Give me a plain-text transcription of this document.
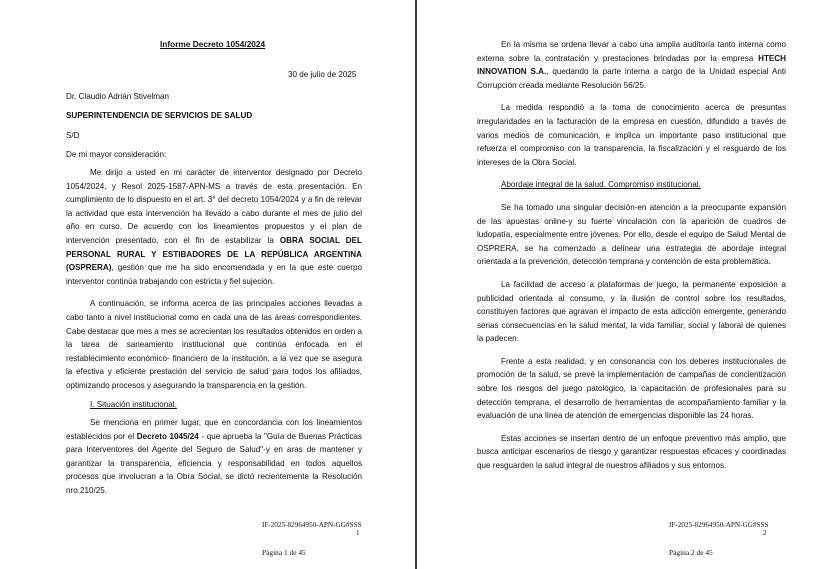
Informe Decreto 1054/2024
30 de julio de 2025
Dr. Claudio Adrián Stivelman
SUPERINTENDENCIA DE SERVICIOS DE SALUD
S/D
De mi mayor consideración:

Me dirijo a usted en mi carácter de interventor designado por Decreto 1054/2024, y Resol 2025-1587-APN-MS a través de esta presentación. En cumplimiento de lo dispuesto en el art. 3° del decreto 1054/2024 y a fin de relevar la actividad que esta intervención ha llevado a cabo durante el mes de julio del año en curso. De acuerdo con los lineamientos propuestos y el plan de intervención presentado, con el fin de estabilizar la OBRA SOCIAL DEL PERSONAL RURAL Y ESTIBADORES DE LA REPÚBLICA ARGENTINA (OSPRERA), gestión que me ha sido encomendada y en la que este cuerpo interventor continúa trabajando con estricta y fiel sujeción.

A continuación, se informa acerca de las principales acciones llevadas a cabo tanto a nivel institucional como en cada una de las áreas correspondientes. Cabe destacar que mes a mes se acrecientan los resultados obtenidos en orden a la tarea de saneamiento institucional que continúa enfocada en el restablecimiento económico- financiero de la institución, a la vez que se asegura la efectiva y eficiente prestación del servicio de salud para todos los afiliados, optimizando procesos y asegurando la transparencia en la gestión.

I. Situación institucional.

Se menciona en primer lugar, que en concordancia con los lineamientos establecidos por el Decreto 1045/24 - que aprueba la "Guía de Buenas Prácticas para Interventores del Agente del Seguro de Salud"-y en aras de mantener y garantizar la transparencia, eficiencia y responsabilidad en todos aquellos procesos que involucran a la Obra Social, se dictó recientemente la Resolución nro.210/25.

IF-2025-82964950-APN-GG#SSS
1
Página 1 de 45

En la misma se ordena llevar a cabo una amplia auditoría tanto interna como externa sobre la contratación y prestaciones brindadas por la empresa HTECH INNOVATION S.A., quedando la parte interna a cargo de la Unidad especial Anti Corrupción creada mediante Resolución 56/25.

La medida respondió a la toma de conocimiento acerca de presuntas irregularidades en la facturación de la empresa en cuestión, difundido a través de varios medios de comunicación, e implica un importante paso institucional que refuerza el compromiso con la transparencia, la fiscalización y el resguardo de los intereses de la Obra Social.

Abordaje integral de la salud. Compromiso institucional.

Se ha tomado una singular decisión-en atención a la preocupante expansión de las apuestas online-y su fuerte vinculación con la aparición de cuadros de ludopatía, especialmente entre jóvenes. Por ello, desde el equipo de Salud Mental de OSPRERA, se ha comenzado a delinear una estrategia de abordaje integral orientada a la prevención, detección temprana y contención de esta problemática.

La facilidad de acceso a plataformas de juego, la permanente exposición a publicidad orientada al consumo, y la ilusión de control sobre los resultados, constituyen factores que agravan el impacto de esta adicción emergente, generando serias consecuencias en la salud mental, la vida familiar, social y laboral de quienes la padecen.

Frente a esta realidad, y en consonancia con los deberes institucionales de promoción de la salud, se prevé la implementación de campañas de concientización sobre los riesgos del juego patológico, la capacitación de profesionales para su detección temprana, el desarrollo de herramientas de acompañamiento familiar y la evaluación de una línea de atención de emergencias disponible las 24 horas.

Estas acciones se insertan dentro de un enfoque preventivo más amplio, que busca anticipar escenarios de riesgo y garantizar respuestas eficaces y coordinadas que resguarden la salud integral de nuestros afiliados y sus entornos.

IF-2025-82964950-APN-GG#SSS
2
Página 2 de 45
